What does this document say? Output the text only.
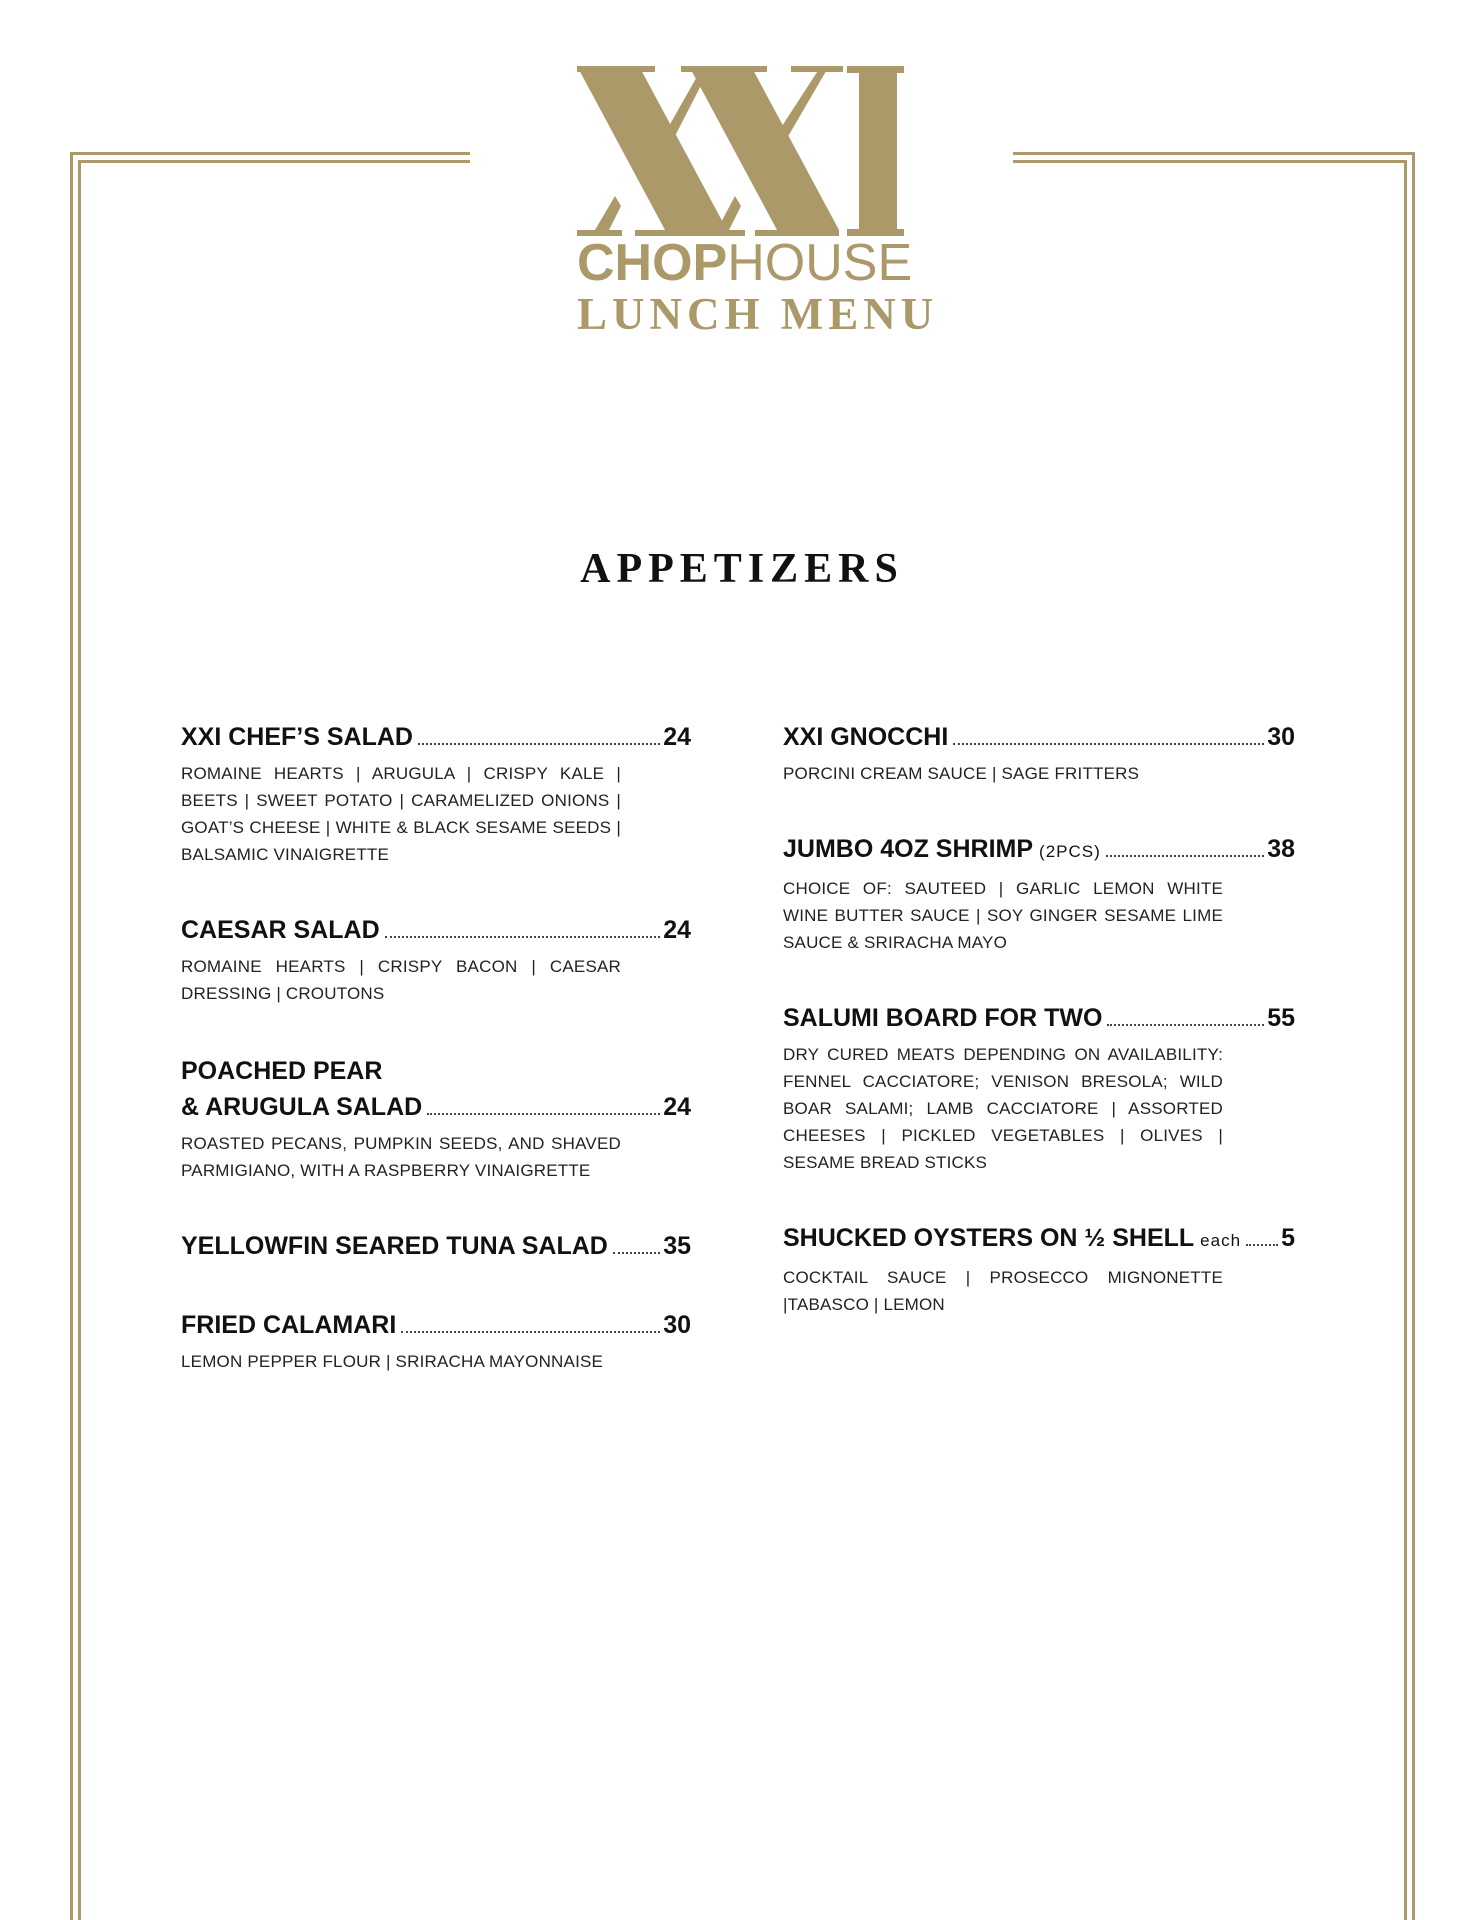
CHOPHOUSE
LUNCH MENU
APPETIZERS
XXI CHEF’S SALAD	24
ROMAINE HEARTS | ARUGULA | CRISPY KALE | BEETS | SWEET POTATO | CARAMELIZED ONIONS | GOAT’S CHEESE | WHITE & BLACK SESAME SEEDS | BALSAMIC VINAIGRETTE
CAESAR SALAD	24
ROMAINE HEARTS | CRISPY BACON | CAESAR DRESSING | CROUTONS
POACHED PEAR
& ARUGULA SALAD	24
ROASTED PECANS, PUMPKIN SEEDS, AND SHAVED PARMIGIANO, WITH A RASPBERRY VINAIGRETTE
YELLOWFIN SEARED TUNA SALAD 35
FRIED CALAMARI	30
LEMON PEPPER FLOUR | SRIRACHA MAYONNAISE
XXI GNOCCHI	30
PORCINI CREAM SAUCE | SAGE FRITTERS
JUMBO 4OZ SHRIMP (2PCS)	38
CHOICE OF: SAUTEED | GARLIC LEMON WHITE WINE BUTTER SAUCE | SOY GINGER SESAME LIME SAUCE & SRIRACHA MAYO
SALUMI BOARD FOR TWO	55
DRY CURED MEATS DEPENDING ON AVAILABILITY: FENNEL CACCIATORE; VENISON BRESOLA; WILD BOAR SALAMI; LAMB CACCIATORE | ASSORTED CHEESES | PICKLED VEGETABLES | OLIVES | SESAME BREAD STICKS
SHUCKED OYSTERS ON ½ SHELL each 5
COCKTAIL SAUCE | PROSECCO MIGNONETTE |TABASCO | LEMON
